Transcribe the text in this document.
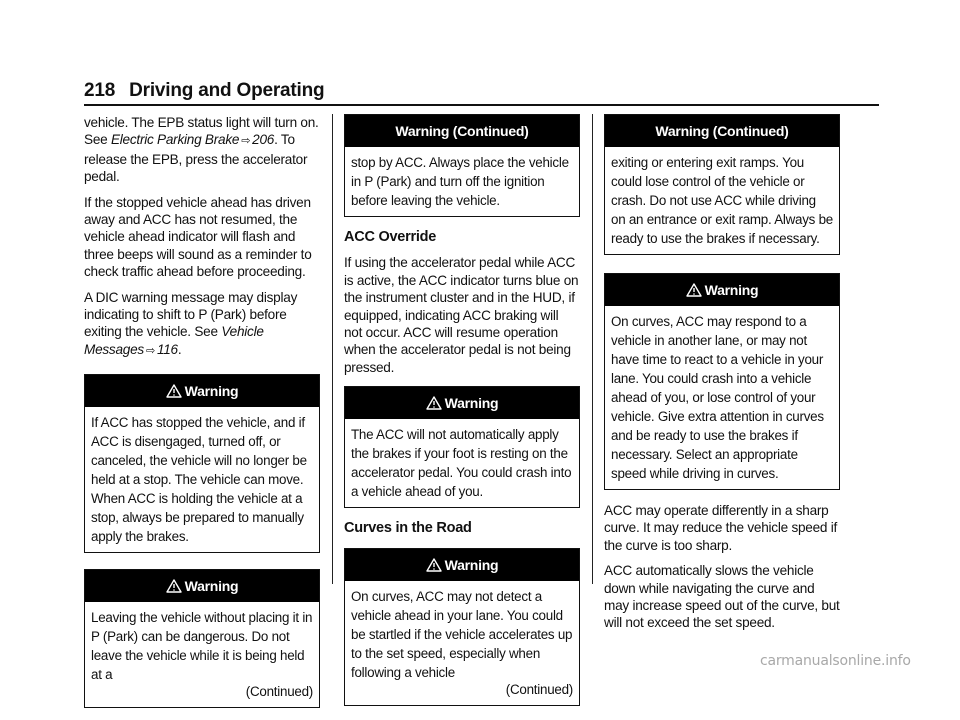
218 Driving and Operating

vehicle. The EPB status light will turn on. See Electric Parking Brake ⇨ 206. To release the EPB, press the accelerator pedal.

If the stopped vehicle ahead has driven away and ACC has not resumed, the vehicle ahead indicator will flash and three beeps will sound as a reminder to check traffic ahead before proceeding.

A DIC warning message may display indicating to shift to P (Park) before exiting the vehicle. See Vehicle Messages ⇨ 116.

Warning

If ACC has stopped the vehicle, and if ACC is disengaged, turned off, or canceled, the vehicle will no longer be held at a stop. The vehicle can move. When ACC is holding the vehicle at a stop, always be prepared to manually apply the brakes.

Warning

Leaving the vehicle without placing it in P (Park) can be dangerous. Do not leave the vehicle while it is being held at a

(Continued)
Warning (Continued)

stop by ACC. Always place the vehicle in P (Park) and turn off the ignition before leaving the vehicle.

ACC Override

If using the accelerator pedal while ACC is active, the ACC indicator turns blue on the instrument cluster and in the HUD, if equipped, indicating ACC braking will not occur. ACC will resume operation when the accelerator pedal is not being pressed.

Warning

The ACC will not automatically apply the brakes if your foot is resting on the accelerator pedal. You could crash into a vehicle ahead of you.

Curves in the Road
Warning

On curves, ACC may not detect a vehicle ahead in your lane. You could be startled if the vehicle accelerates up to the set speed, especially when following a vehicle

(Continued)
Warning (Continued)

exiting or entering exit ramps. You could lose control of the vehicle or crash. Do not use ACC while driving on an entrance or exit ramp. Always be ready to use the brakes if necessary.

Warning

On curves, ACC may respond to a vehicle in another lane, or may not have time to react to a vehicle in your lane. You could crash into a vehicle ahead of you, or lose control of your vehicle. Give extra attention in curves and be ready to use the brakes if necessary. Select an appropriate speed while driving in curves.

ACC may operate differently in a sharp curve. It may reduce the vehicle speed if the curve is too sharp.

ACC automatically slows the vehicle down while navigating the curve and may increase speed out of the curve, but will not exceed the set speed.

carmanualsonline.info
